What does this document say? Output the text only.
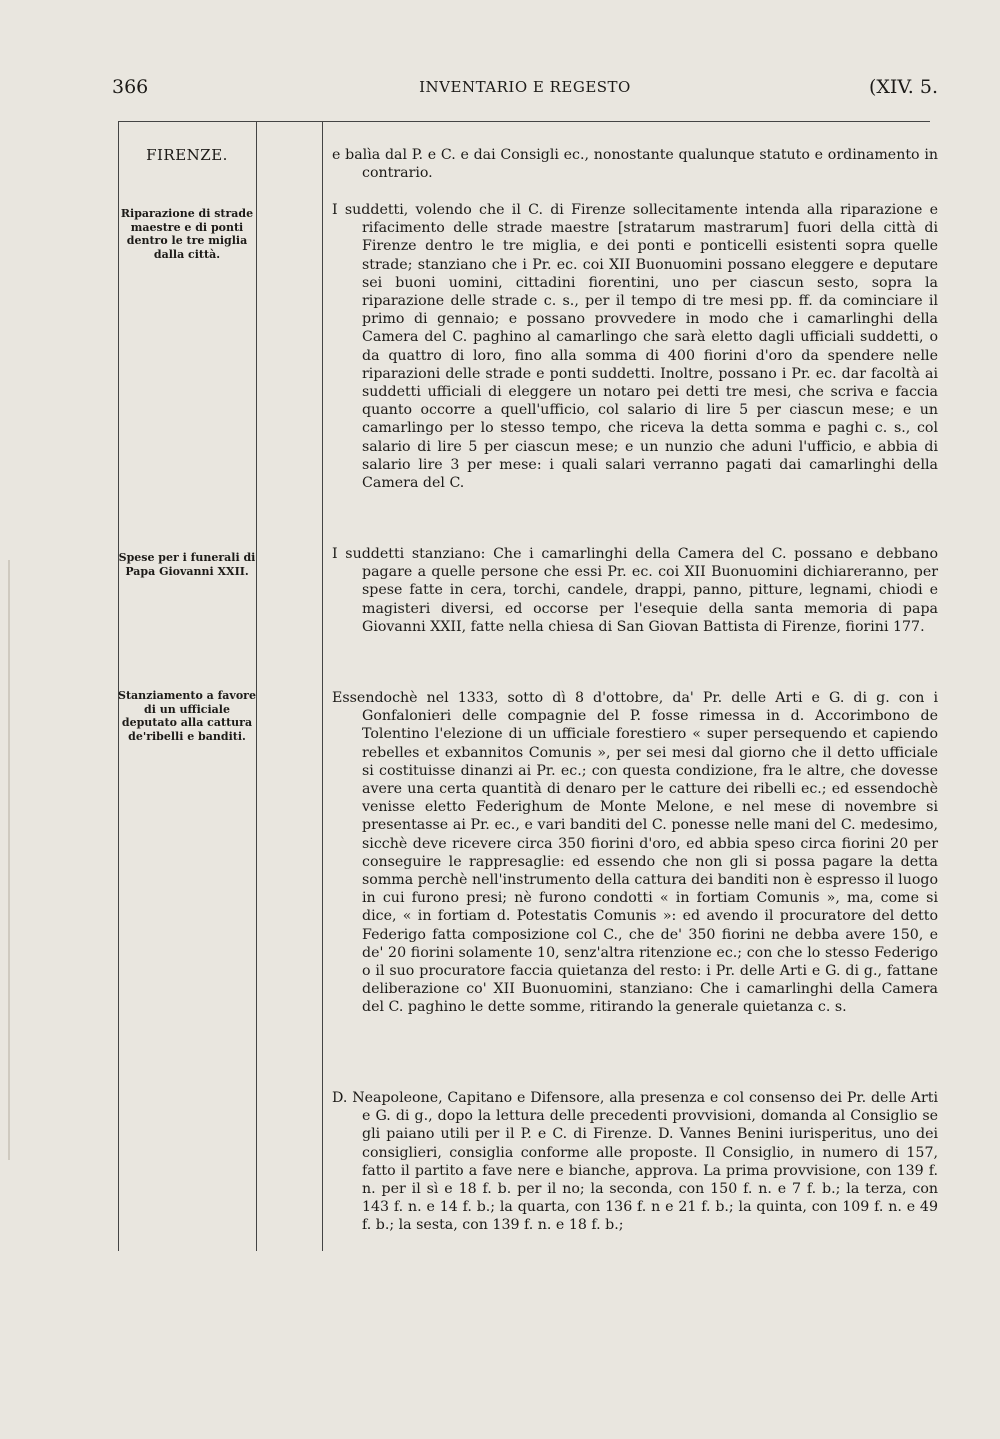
366	INVENTARIO E REGESTO	(XIV. 5.
FIRENZE.
Riparazione di strade maestre e di ponti dentro le tre miglia dalla città.
Spese per i funerali di Papa Giovanni XXII.
Stanziamento a favore di un ufficiale deputato alla cattura de'ribelli e banditi.

e balìa dal P. e C. e dai Consigli ec., nonostante qualunque statuto e ordinamento in contrario.

I suddetti, volendo che il C. di Firenze sollecitamente intenda alla riparazione e rifacimento delle strade maestre [stratarum mastrarum] fuori della città di Firenze dentro le tre miglia, e dei ponti e ponticelli esistenti sopra quelle strade; stanziano che i Pr. ec. coi XII Buonuomini possano eleggere e deputare sei buoni uomini, cittadini fiorentini, uno per ciascun sesto, sopra la riparazione delle strade c. s., per il tempo di tre mesi pp. ff. da cominciare il primo di gennaio; e possano provvedere in modo che i camarlinghi della Camera del C. paghino al camarlingo che sarà eletto dagli ufficiali suddetti, o da quattro di loro, fino alla somma di 400 fiorini d'oro da spendere nelle riparazioni delle strade e ponti suddetti. Inoltre, possano i Pr. ec. dar facoltà ai suddetti ufficiali di eleggere un notaro pei detti tre mesi, che scriva e faccia quanto occorre a quell'ufficio, col salario di lire 5 per ciascun mese; e un camarlingo per lo stesso tempo, che riceva la detta somma e paghi c. s., col salario di lire 5 per ciascun mese; e un nunzio che aduni l'ufficio, e abbia di salario lire 3 per mese: i quali salari verranno pagati dai camarlinghi della Camera del C.

I suddetti stanziano: Che i camarlinghi della Camera del C. possano e debbano pagare a quelle persone che essi Pr. ec. coi XII Buonuomini dichiareranno, per spese fatte in cera, torchi, candele, drappi, panno, pitture, legnami, chiodi e magisteri diversi, ed occorse per l'esequie della santa memoria di papa Giovanni XXII, fatte nella chiesa di San Giovan Battista di Firenze, fiorini 177.

Essendochè nel 1333, sotto dì 8 d'ottobre, da' Pr. delle Arti e G. di g. con i Gonfalonieri delle compagnie del P. fosse rimessa in d. Accorimbono de Tolentino l'elezione di un ufficiale forestiero « super persequendo et capiendo rebelles et exbannitos Comunis », per sei mesi dal giorno che il detto ufficiale si costituisse dinanzi ai Pr. ec.; con questa condizione, fra le altre, che dovesse avere una certa quantità di denaro per le catture dei ribelli ec.; ed essendochè venisse eletto Federighum de Monte Melone, e nel mese di novembre si presentasse ai Pr. ec., e vari banditi del C. ponesse nelle mani del C. medesimo, sicchè deve ricevere circa 350 fiorini d'oro, ed abbia speso circa fiorini 20 per conseguire le rappresaglie: ed essendo che non gli si possa pagare la detta somma perchè nell'instrumento della cattura dei banditi non è espresso il luogo in cui furono presi; nè furono condotti « in fortiam Comunis », ma, come si dice, « in fortiam d. Potestatis Comunis »: ed avendo il procuratore del detto Federigo fatta composizione col C., che de' 350 fiorini ne debba avere 150, e de' 20 fiorini solamente 10, senz'altra ritenzione ec.; con che lo stesso Federigo o il suo procuratore faccia quietanza del resto: i Pr. delle Arti e G. di g., fattane deliberazione co' XII Buonuomini, stanziano: Che i camarlinghi della Camera del C. paghino le dette somme, ritirando la generale quietanza c. s.

D. Neapoleone, Capitano e Difensore, alla presenza e col consenso dei Pr. delle Arti e G. di g., dopo la lettura delle precedenti provvisioni, domanda al Consiglio se gli paiano utili per il P. e C. di Firenze. D. Vannes Benini iurisperitus, uno dei consiglieri, consiglia conforme alle proposte. Il Consiglio, in numero di 157, fatto il partito a fave nere e bianche, approva. La prima provvisione, con 139 f. n. per il sì e 18 f. b. per il no; la seconda, con 150 f. n. e 7 f. b.; la terza, con 143 f. n. e 14 f. b.; la quarta, con 136 f. n e 21 f. b.; la quinta, con 109 f. n. e 49 f. b.; la sesta, con 139 f. n. e 18 f. b.;
